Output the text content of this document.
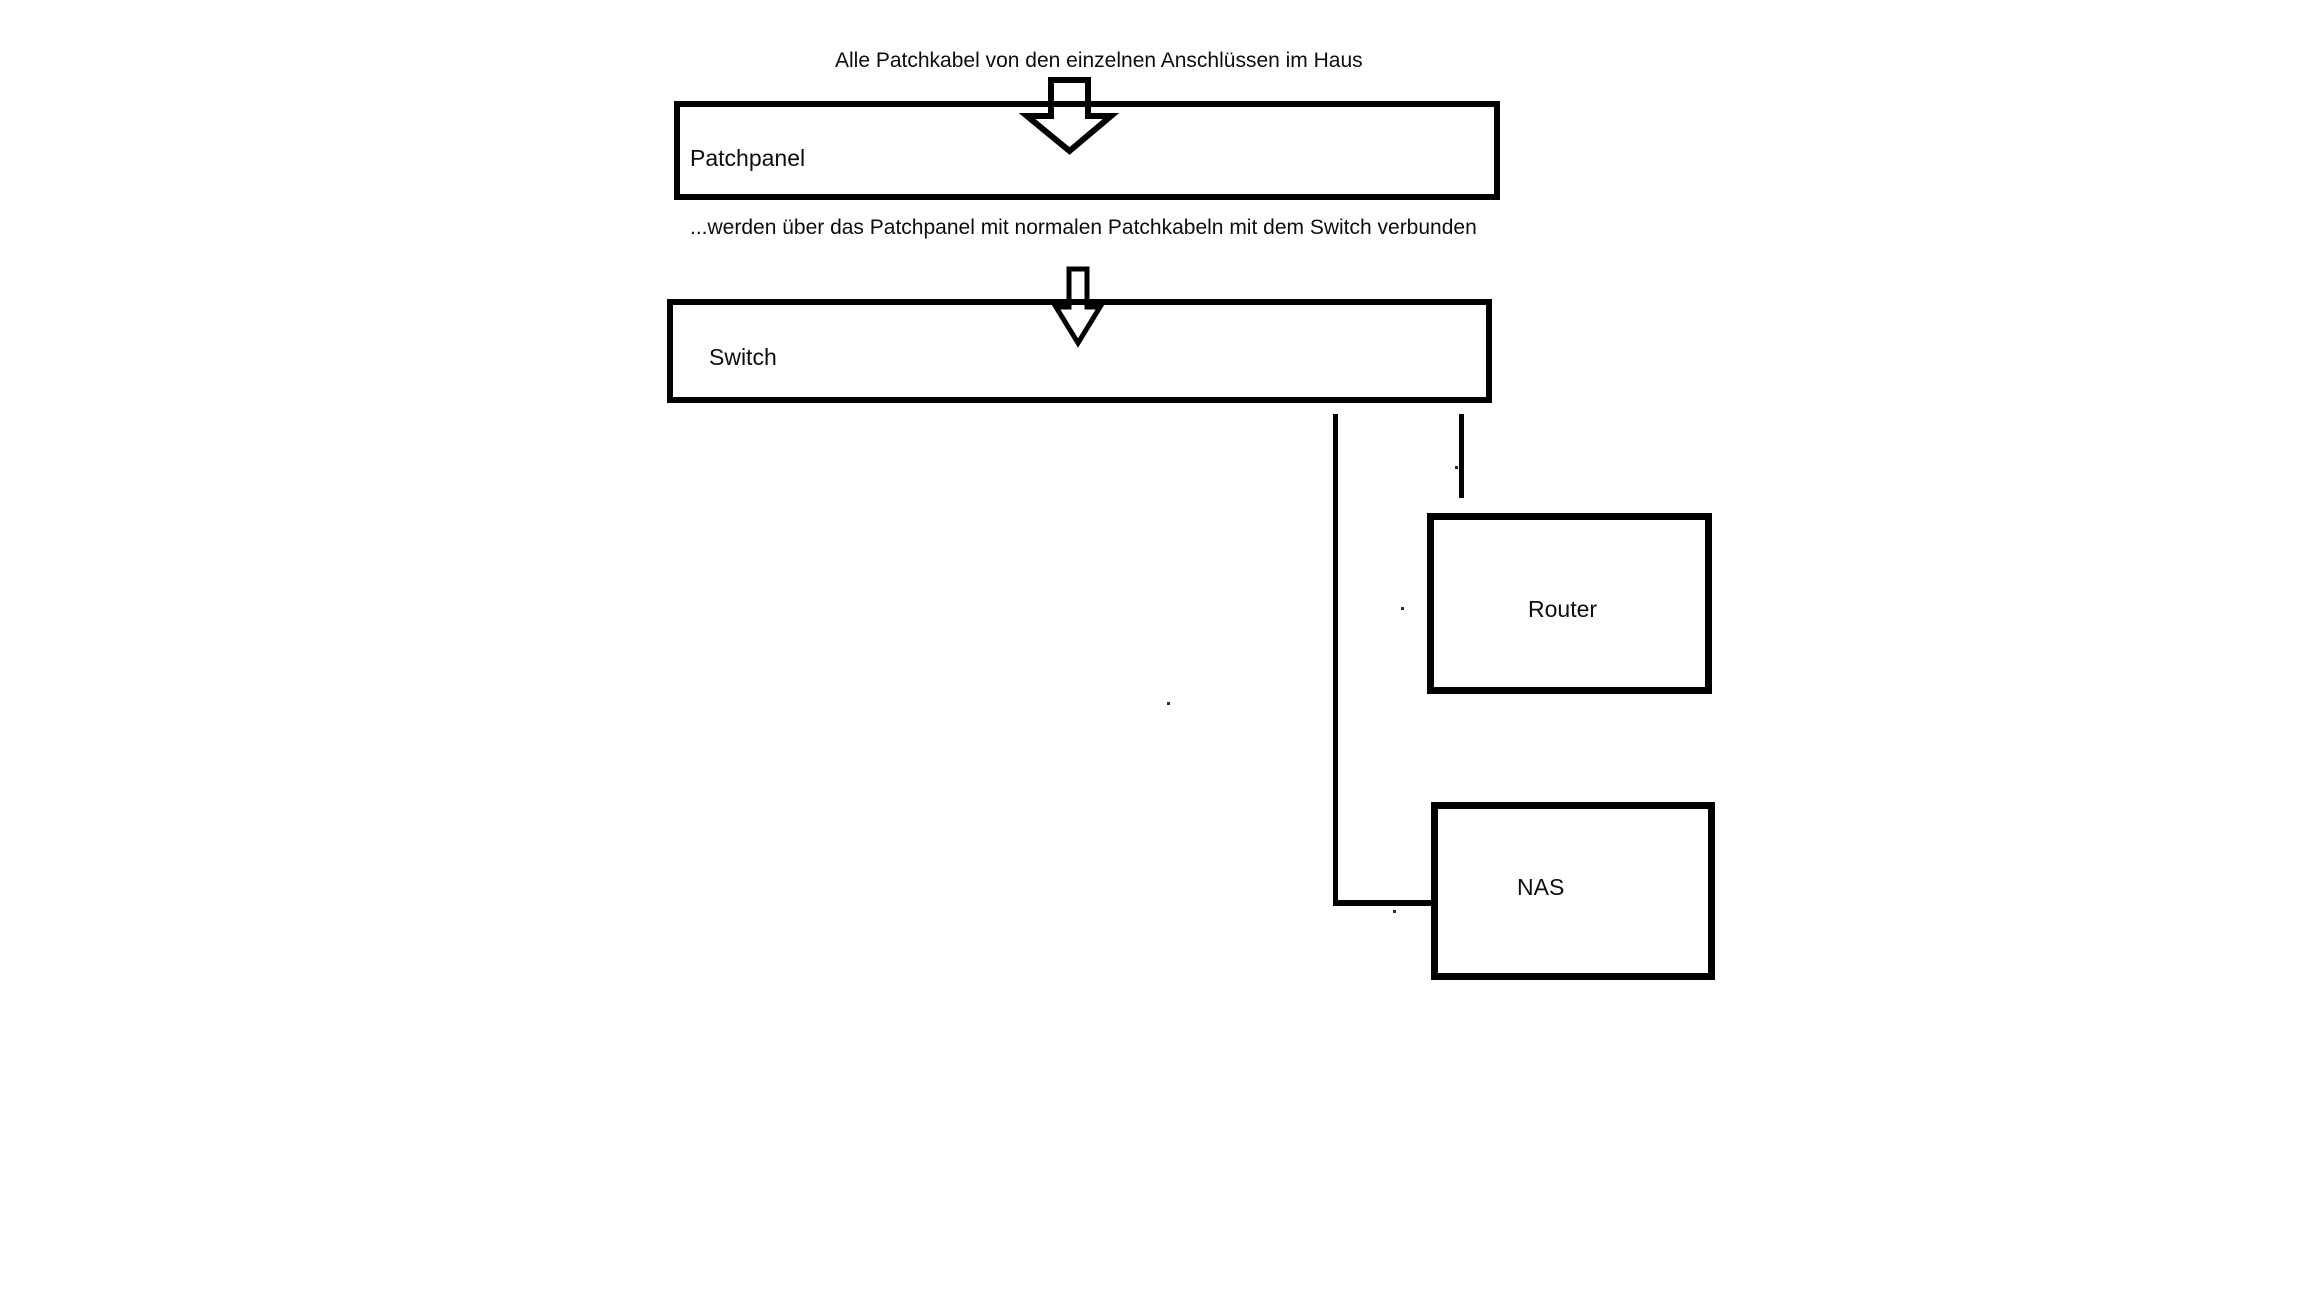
Alle Patchkabel von den einzelnen Anschlüssen im Haus
...werden über das Patchpanel mit normalen Patchkabeln mit dem Switch verbunden
Patchpanel
Switch
Router
NAS
